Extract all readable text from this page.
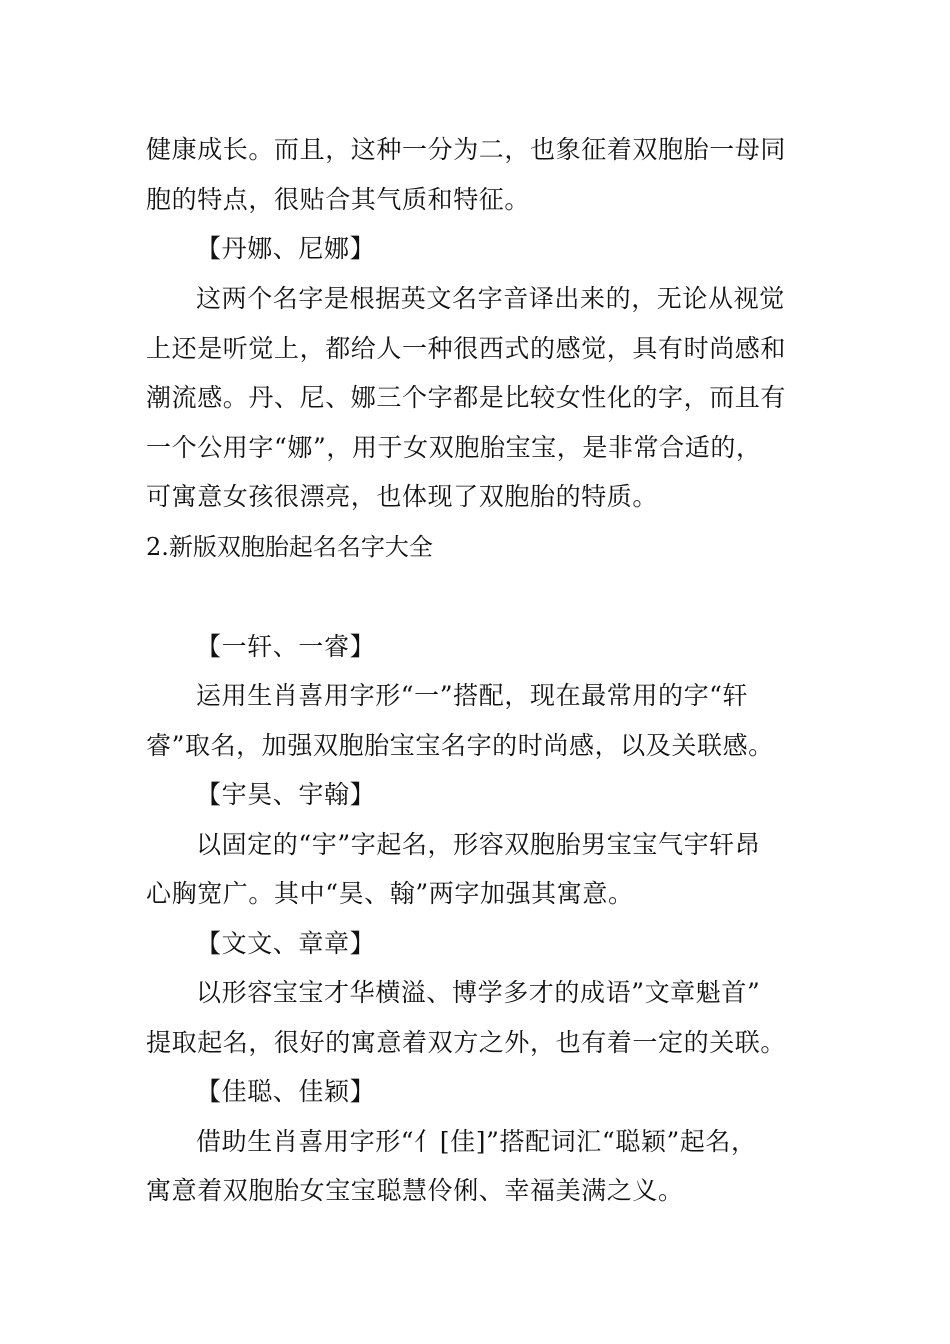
健康成长。而且，这种一分为二，也象征着双胞胎一母同
胞的特点，很贴合其气质和特征。
【丹娜、尼娜】
这两个名字是根据英文名字音译出来的，无论从视觉
上还是听觉上，都给人一种很西式的感觉，具有时尚感和
潮流感。丹、尼、娜三个字都是比较女性化的字，而且有
一个公用字“娜”，用于女双胞胎宝宝，是非常合适的，
可寓意女孩很漂亮，也体现了双胞胎的特质。
2.新版双胞胎起名名字大全
【一轩、一睿】
运用生肖喜用字形“一”搭配，现在最常用的字“轩
睿”取名，加强双胞胎宝宝名字的时尚感，以及关联感。
【宇昊、宇翰】
以固定的“宇”字起名，形容双胞胎男宝宝气宇轩昂
心胸宽广。其中“昊、翰”两字加强其寓意。
【文文、章章】
以形容宝宝才华横溢、博学多才的成语”文章魁首”
提取起名，很好的寓意着双方之外，也有着一定的关联。
【佳聪、佳颖】
借助生肖喜用字形“亻[佳]”搭配词汇“聪颖”起名，
寓意着双胞胎女宝宝聪慧伶俐、幸福美满之义。
